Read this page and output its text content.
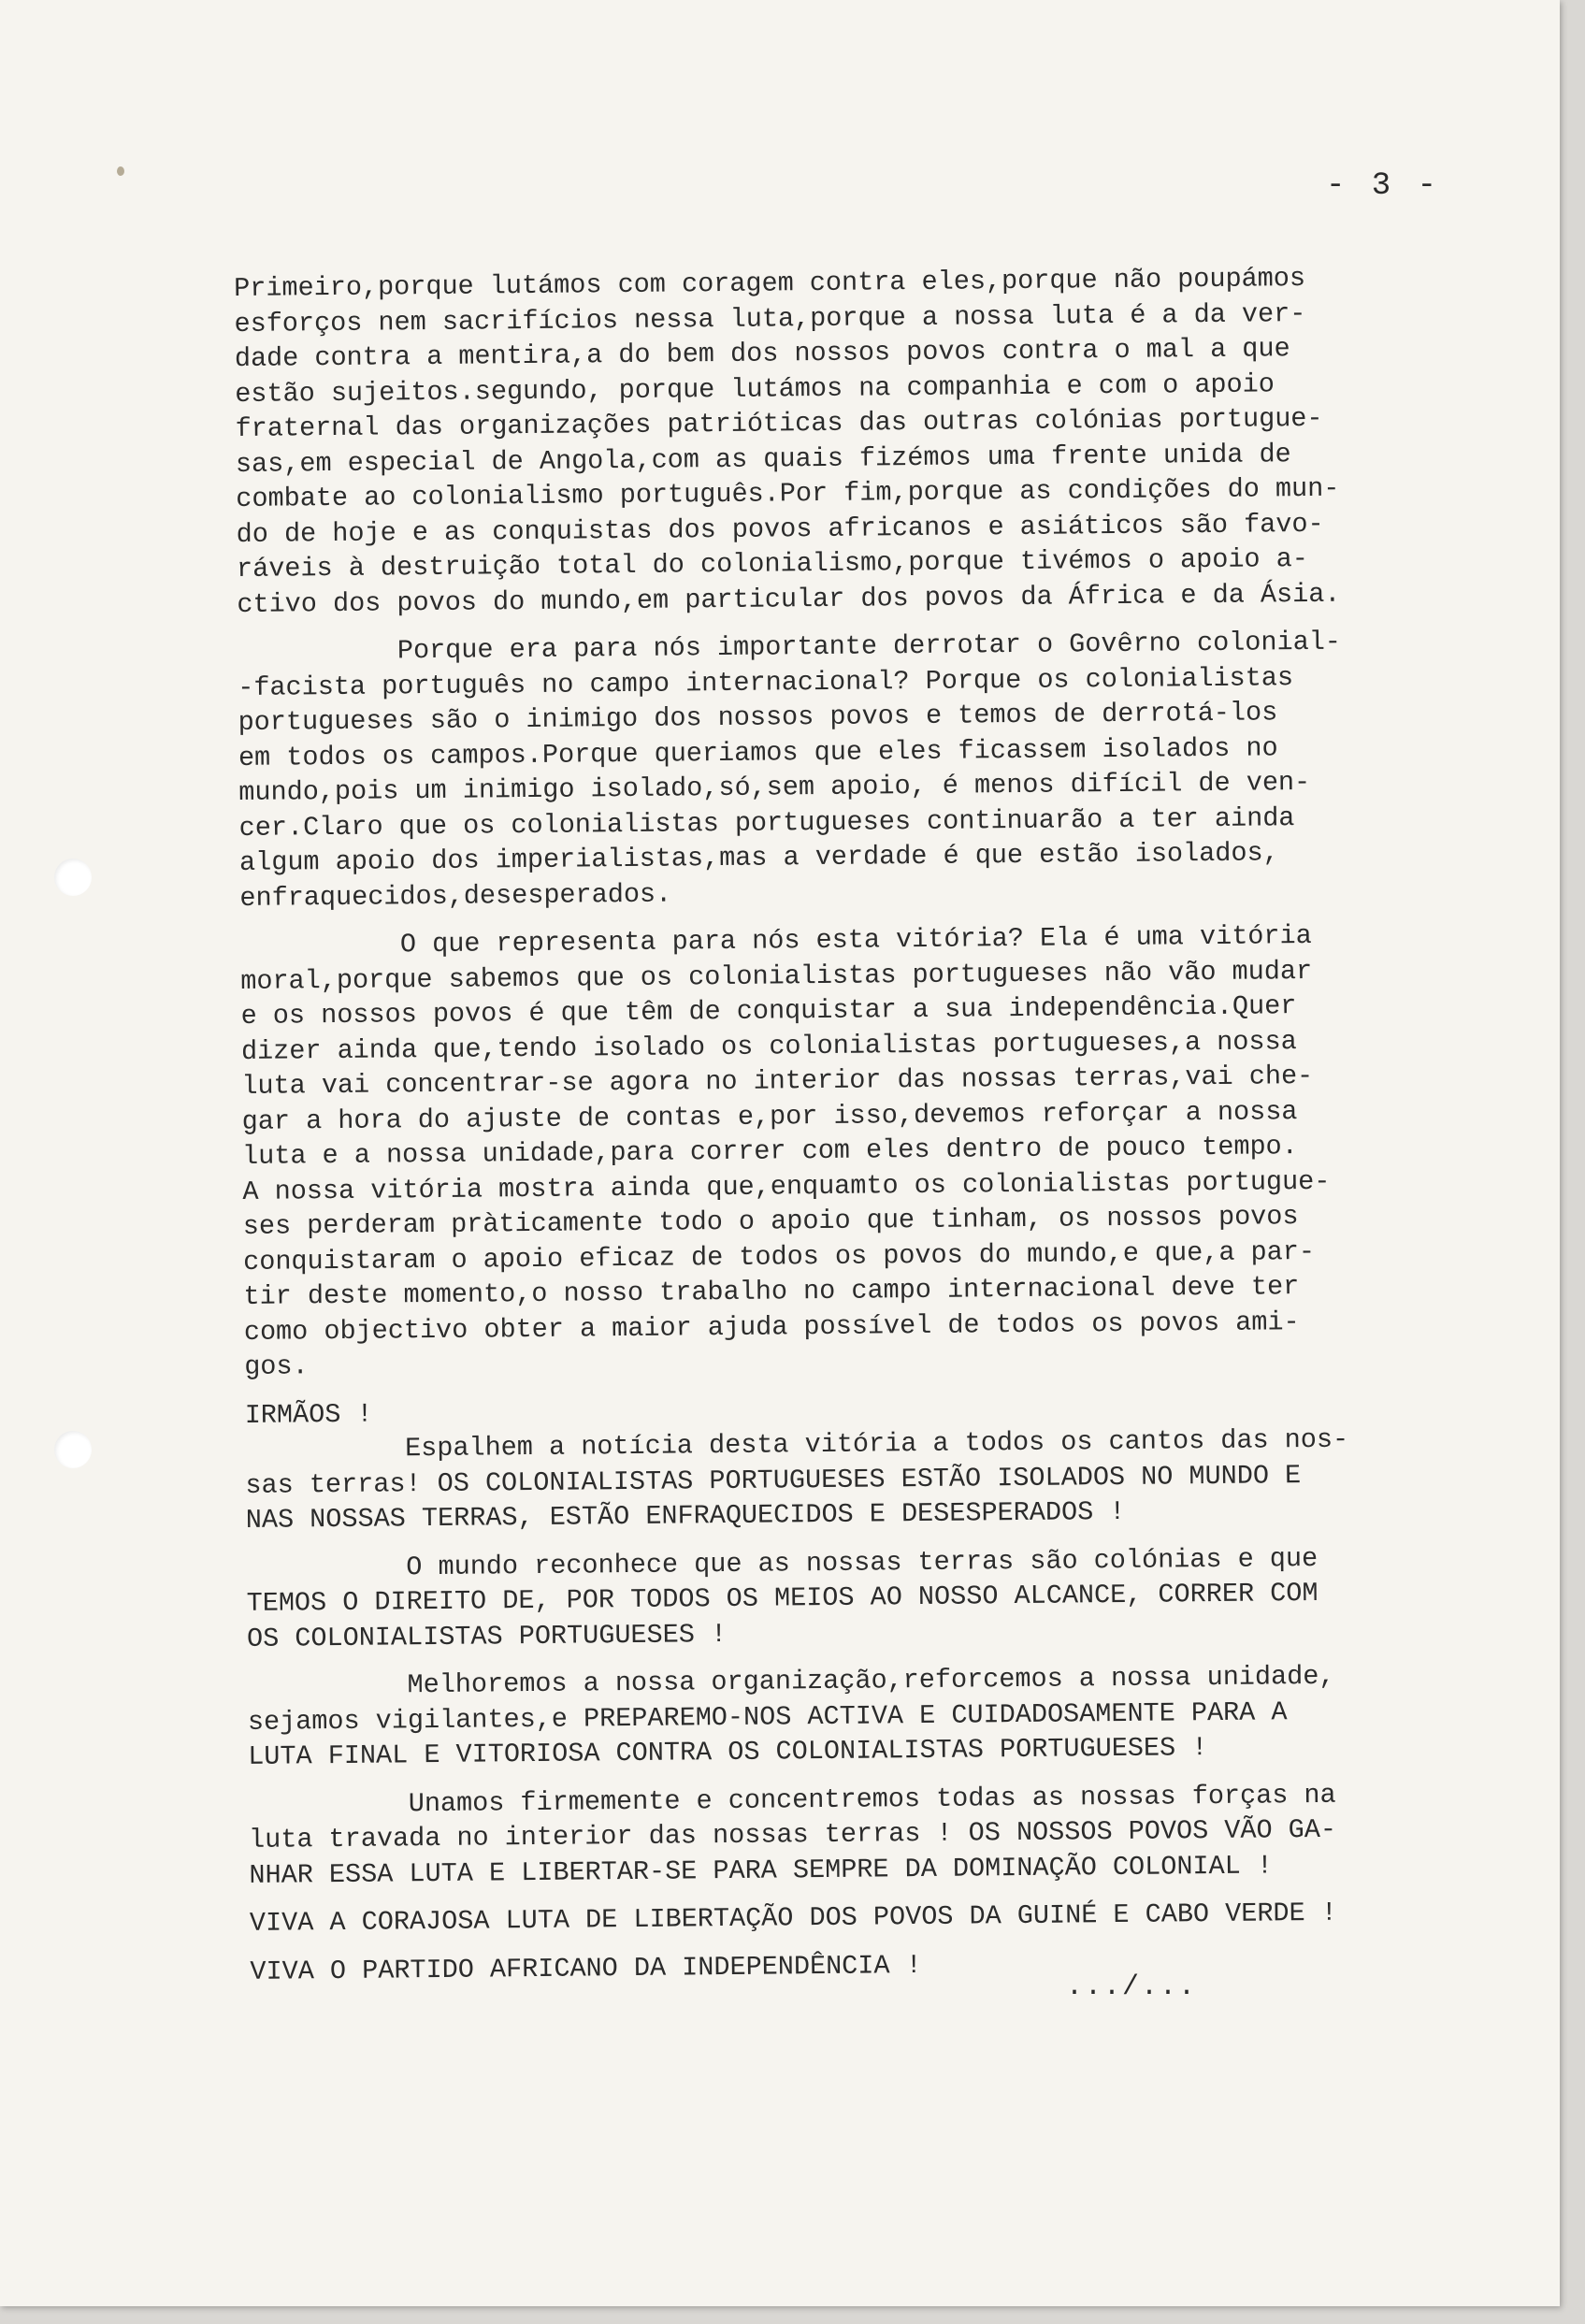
- 3 -
Primeiro,porque lutámos com coragem contra eles,porque não poupámos
esforços nem sacrifícios nessa luta,porque a nossa luta é a da ver-
dade contra a mentira,a do bem dos nossos povos contra o mal a que
estão sujeitos.segundo, porque lutámos na companhia e com o apoio
fraternal das organizações patrióticas das outras colónias portugue-
sas,em especial de Angola,com as quais fizémos uma frente unida de
combate ao colonialismo português.Por fim,porque as condições do mun-
do de hoje e as conquistas dos povos africanos e asiáticos são favo-
ráveis à destruição total do colonialismo,porque tivémos o apoio a-
ctivo dos povos do mundo,em particular dos povos da África e da Ásia.
Porque era para nós importante derrotar o Govêrno colonial-
-facista português no campo internacional? Porque os colonialistas
portugueses são o inimigo dos nossos povos e temos de derrotá-los
em todos os campos.Porque queriamos que eles ficassem isolados no
mundo,pois um inimigo isolado,só,sem apoio, é menos difícil de ven-
cer.Claro que os colonialistas portugueses continuarão a ter ainda
algum apoio dos imperialistas,mas a verdade é que estão isolados,
enfraquecidos,desesperados.
O que representa para nós esta vitória? Ela é uma vitória
moral,porque sabemos que os colonialistas portugueses não vão mudar
e os nossos povos é que têm de conquistar a sua independência.Quer
dizer ainda que,tendo isolado os colonialistas portugueses,a nossa
luta vai concentrar-se agora no interior das nossas terras,vai che-
gar a hora do ajuste de contas e,por isso,devemos reforçar a nossa
luta e a nossa unidade,para correr com eles dentro de pouco tempo.
A nossa vitória mostra ainda que,enquamto os colonialistas portugue-
ses perderam pràticamente todo o apoio que tinham, os nossos povos
conquistaram o apoio eficaz de todos os povos do mundo,e que,a par-
tir deste momento,o nosso trabalho no campo internacional deve ter
como objectivo obter a maior ajuda possível de todos os povos ami-
gos.
IRMÃOS !
Espalhem a notícia desta vitória a todos os cantos das nos-
sas terras! OS COLONIALISTAS PORTUGUESES ESTÃO ISOLADOS NO MUNDO E
NAS NOSSAS TERRAS, ESTÃO ENFRAQUECIDOS E DESESPERADOS !
O mundo reconhece que as nossas terras são colónias e que
TEMOS O DIREITO DE, POR TODOS OS MEIOS AO NOSSO ALCANCE, CORRER COM
OS COLONIALISTAS PORTUGUESES !
Melhoremos a nossa organização,reforcemos a nossa unidade,
sejamos vigilantes,e PREPAREMO-NOS ACTIVA E CUIDADOSAMENTE PARA A
LUTA FINAL E VITORIOSA CONTRA OS COLONIALISTAS PORTUGUESES !
Unamos firmemente e concentremos todas as nossas forças na
luta travada no interior das nossas terras ! OS NOSSOS POVOS VÃO GA-
NHAR ESSA LUTA E LIBERTAR-SE PARA SEMPRE DA DOMINAÇÃO COLONIAL !
VIVA A CORAJOSA LUTA DE LIBERTAÇÃO DOS POVOS DA GUINÉ E CABO VERDE !
VIVA O PARTIDO AFRICANO DA INDEPENDÊNCIA !
.../...
